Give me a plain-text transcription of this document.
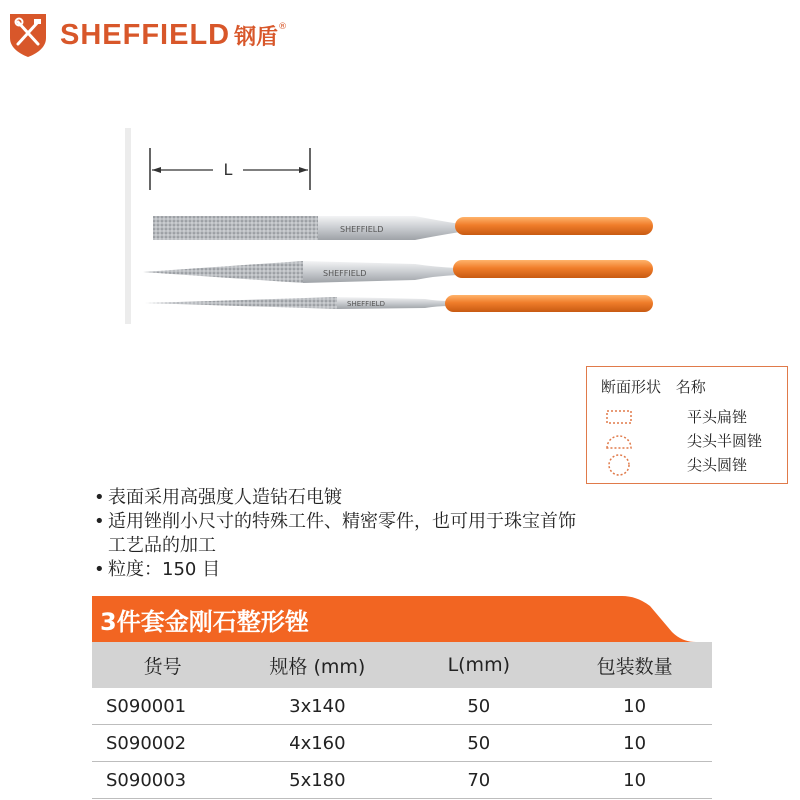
SHEFFIELD 钢盾 ®
L
SHEFFIELD
SHEFFIELD
SHEFFIELD
断面形状 名称
平头扁锉
尖头半圆锉
尖头圆锉
• 表面采用高强度人造钻石电镀
• 适用锉削小尺寸的特殊工件、精密零件，也可用于珠宝首饰
工艺品的加工
• 粒度：150 目
3件套金刚石整形锉
货号	规格 (mm)	L(mm)	包装数量
S090001	3x140	50	10
S090002	4x160	50	10
S090003	5x180	70	10
